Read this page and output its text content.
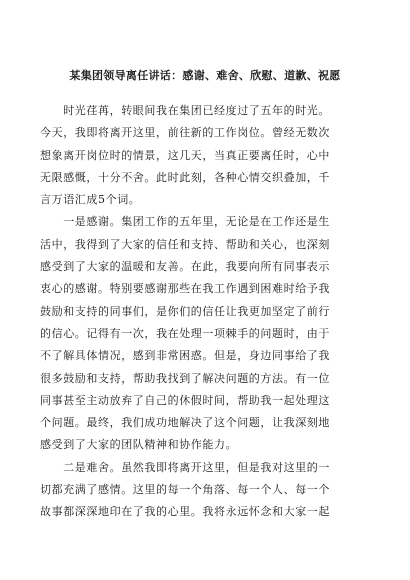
某集团领导离任讲话：感谢、难舍、欣慰、道歉、祝愿
　　时光荏苒，转眼间我在集团已经度过了五年的时光。
今天，我即将离开这里，前往新的工作岗位。曾经无数次
想象离开岗位时的情景，这几天，当真正要离任时，心中
无限感慨，十分不舍。此时此刻，各种心情交织叠加，千
言万语汇成5个词。
　　一是感谢。集团工作的五年里，无论是在工作还是生
活中，我得到了大家的信任和支持、帮助和关心，也深刻
感受到了大家的温暖和友善。在此，我要向所有同事表示
衷心的感谢。特别要感谢那些在我工作遇到困难时给予我
鼓励和支持的同事们，是你们的信任让我更加坚定了前行
的信心。记得有一次，我在处理一项棘手的问题时，由于
不了解具体情况，感到非常困惑。但是，身边同事给了我
很多鼓励和支持，帮助我找到了解决问题的方法。有一位
同事甚至主动放弃了自己的休假时间，帮助我一起处理这
个问题。最终，我们成功地解决了这个问题，让我深刻地
感受到了大家的团队精神和协作能力。
　　二是难舍。虽然我即将离开这里，但是我对这里的一
切都充满了感情。这里的每一个角落、每一个人、每一个
故事都深深地印在了我的心里。我将永远怀念和大家一起
